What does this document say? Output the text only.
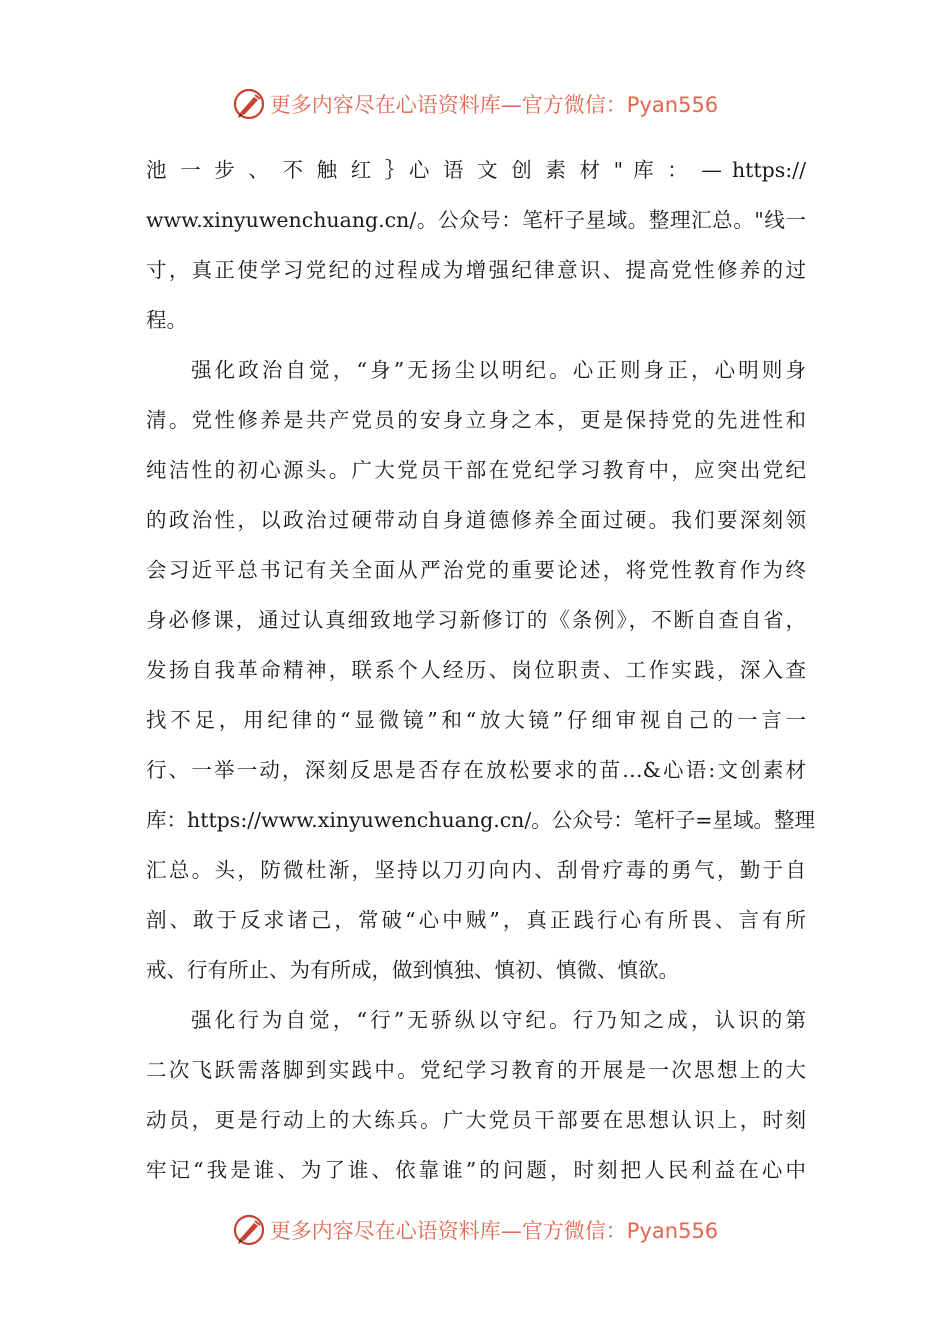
更多内容尽在心语资料库—官方微信：Pyan556
池 一 步 、 不 触 红 ｝心 语 文 创 素 材 " 库 ： — https://
www.xinyuwenchuang.cn/。公众号：笔杆子星域。整理汇总。"线一
寸，真正使学习党纪的过程成为增强纪律意识、提高党性修养的过
程。
强化政治自觉，“身”无扬尘以明纪。心正则身正，心明则身
清。党性修养是共产党员的安身立身之本，更是保持党的先进性和
纯洁性的初心源头。广大党员干部在党纪学习教育中，应突出党纪
的政治性，以政治过硬带动自身道德修养全面过硬。我们要深刻领
会习近平总书记有关全面从严治党的重要论述，将党性教育作为终
身必修课，通过认真细致地学习新修订的《条例》，不断自查自省，
发扬自我革命精神，联系个人经历、岗位职责、工作实践，深入查
找不足，用纪律的“显微镜”和“放大镜”仔细审视自己的一言一
行、一举一动，深刻反思是否存在放松要求的苗…&心语:文创素材
库：https://www.xinyuwenchuang.cn/。公众号：笔杆子=星域。整理
汇总。头，防微杜渐，坚持以刀刃向内、刮骨疗毒的勇气，勤于自
剖、敢于反求诸己，常破“心中贼”，真正践行心有所畏、言有所
戒、行有所止、为有所成，做到慎独、慎初、慎微、慎欲。
强化行为自觉，“行”无骄纵以守纪。行乃知之成，认识的第
二次飞跃需落脚到实践中。党纪学习教育的开展是一次思想上的大
动员，更是行动上的大练兵。广大党员干部要在思想认识上，时刻
牢记“我是谁、为了谁、依靠谁”的问题，时刻把人民利益在心中
更多内容尽在心语资料库—官方微信：Pyan556
